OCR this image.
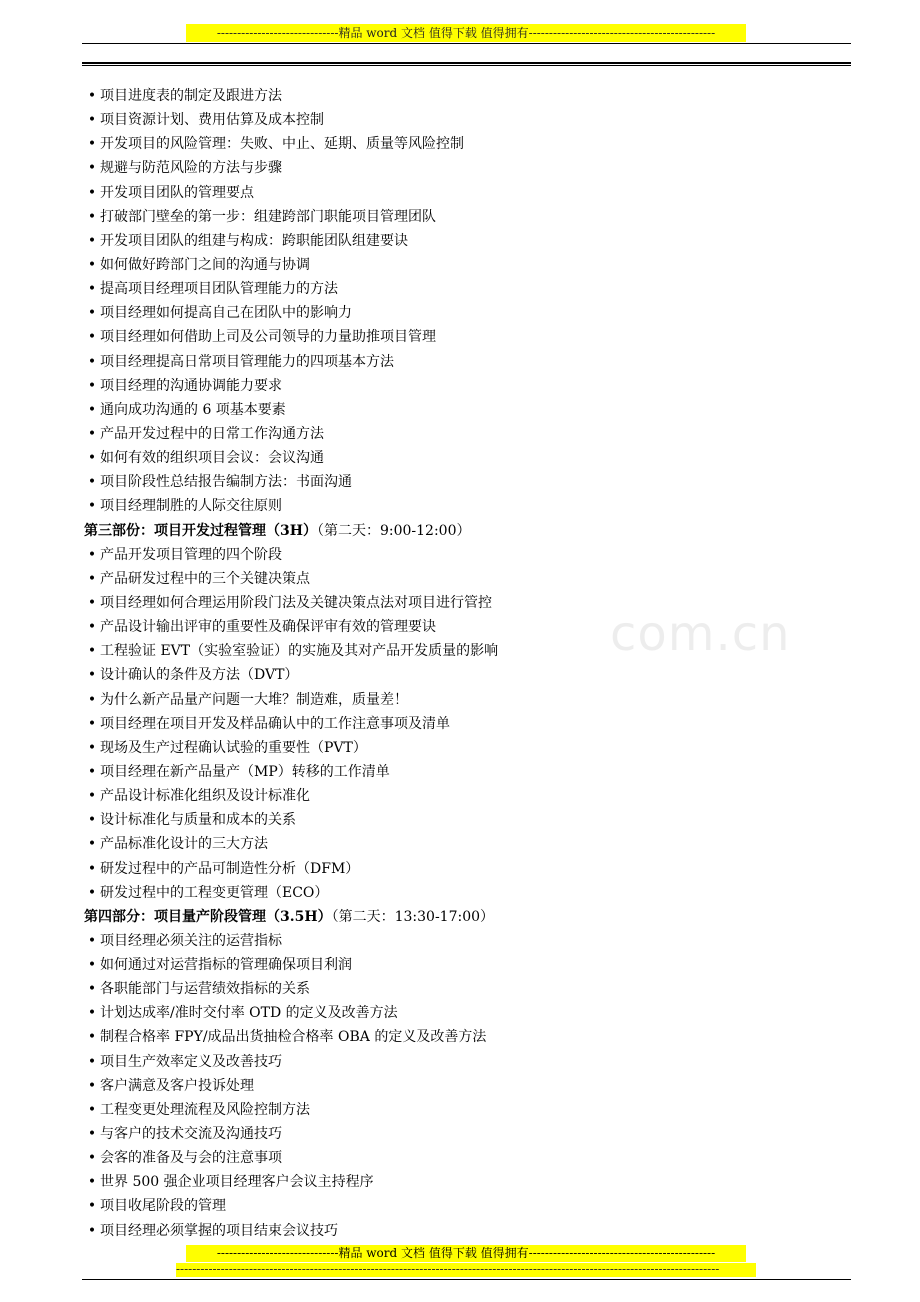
------------------------------精品 word 文档 值得下载 值得拥有----------------------------------------------
com.cn
• 项目进度表的制定及跟进方法
• 项目资源计划、费用估算及成本控制
• 开发项目的风险管理：失败、中止、延期、质量等风险控制
• 规避与防范风险的方法与步骤
• 开发项目团队的管理要点
• 打破部门壁垒的第一步：组建跨部门职能项目管理团队
• 开发项目团队的组建与构成：跨职能团队组建要诀
• 如何做好跨部门之间的沟通与协调
• 提高项目经理项目团队管理能力的方法
• 项目经理如何提高自己在团队中的影响力
• 项目经理如何借助上司及公司领导的力量助推项目管理
• 项目经理提高日常项目管理能力的四项基本方法
• 项目经理的沟通协调能力要求
• 通向成功沟通的 6 项基本要素
• 产品开发过程中的日常工作沟通方法
• 如何有效的组织项目会议：会议沟通
• 项目阶段性总结报告编制方法：书面沟通
• 项目经理制胜的人际交往原则
第三部份：项目开发过程管理（3H）（第二天：9:00-12:00）
• 产品开发项目管理的四个阶段
• 产品研发过程中的三个关键决策点
• 项目经理如何合理运用阶段门法及关键决策点法对项目进行管控
• 产品设计输出评审的重要性及确保评审有效的管理要诀
• 工程验证 EVT（实验室验证）的实施及其对产品开发质量的影响
• 设计确认的条件及方法（DVT）
• 为什么新产品量产问题一大堆？制造难，质量差！
• 项目经理在项目开发及样品确认中的工作注意事项及清单
• 现场及生产过程确认试验的重要性（PVT）
• 项目经理在新产品量产（MP）转移的工作清单
• 产品设计标准化组织及设计标准化
• 设计标准化与质量和成本的关系
• 产品标准化设计的三大方法
• 研发过程中的产品可制造性分析（DFM）
• 研发过程中的工程变更管理（ECO）
第四部分：项目量产阶段管理（3.5H）（第二天：13:30-17:00）
• 项目经理必须关注的运营指标
• 如何通过对运营指标的管理确保项目利润
• 各职能部门与运营绩效指标的关系
• 计划达成率/准时交付率 OTD 的定义及改善方法
• 制程合格率 FPY/成品出货抽检合格率 OBA 的定义及改善方法
• 项目生产效率定义及改善技巧
• 客户满意及客户投诉处理
• 工程变更处理流程及风险控制方法
• 与客户的技术交流及沟通技巧
• 会客的准备及与会的注意事项
• 世界 500 强企业项目经理客户会议主持程序
• 项目收尾阶段的管理
• 项目经理必须掌握的项目结束会议技巧
------------------------------精品 word 文档 值得下载 值得拥有----------------------------------------------
--------------------------------------------------------------------------------------------------------------------------------------
